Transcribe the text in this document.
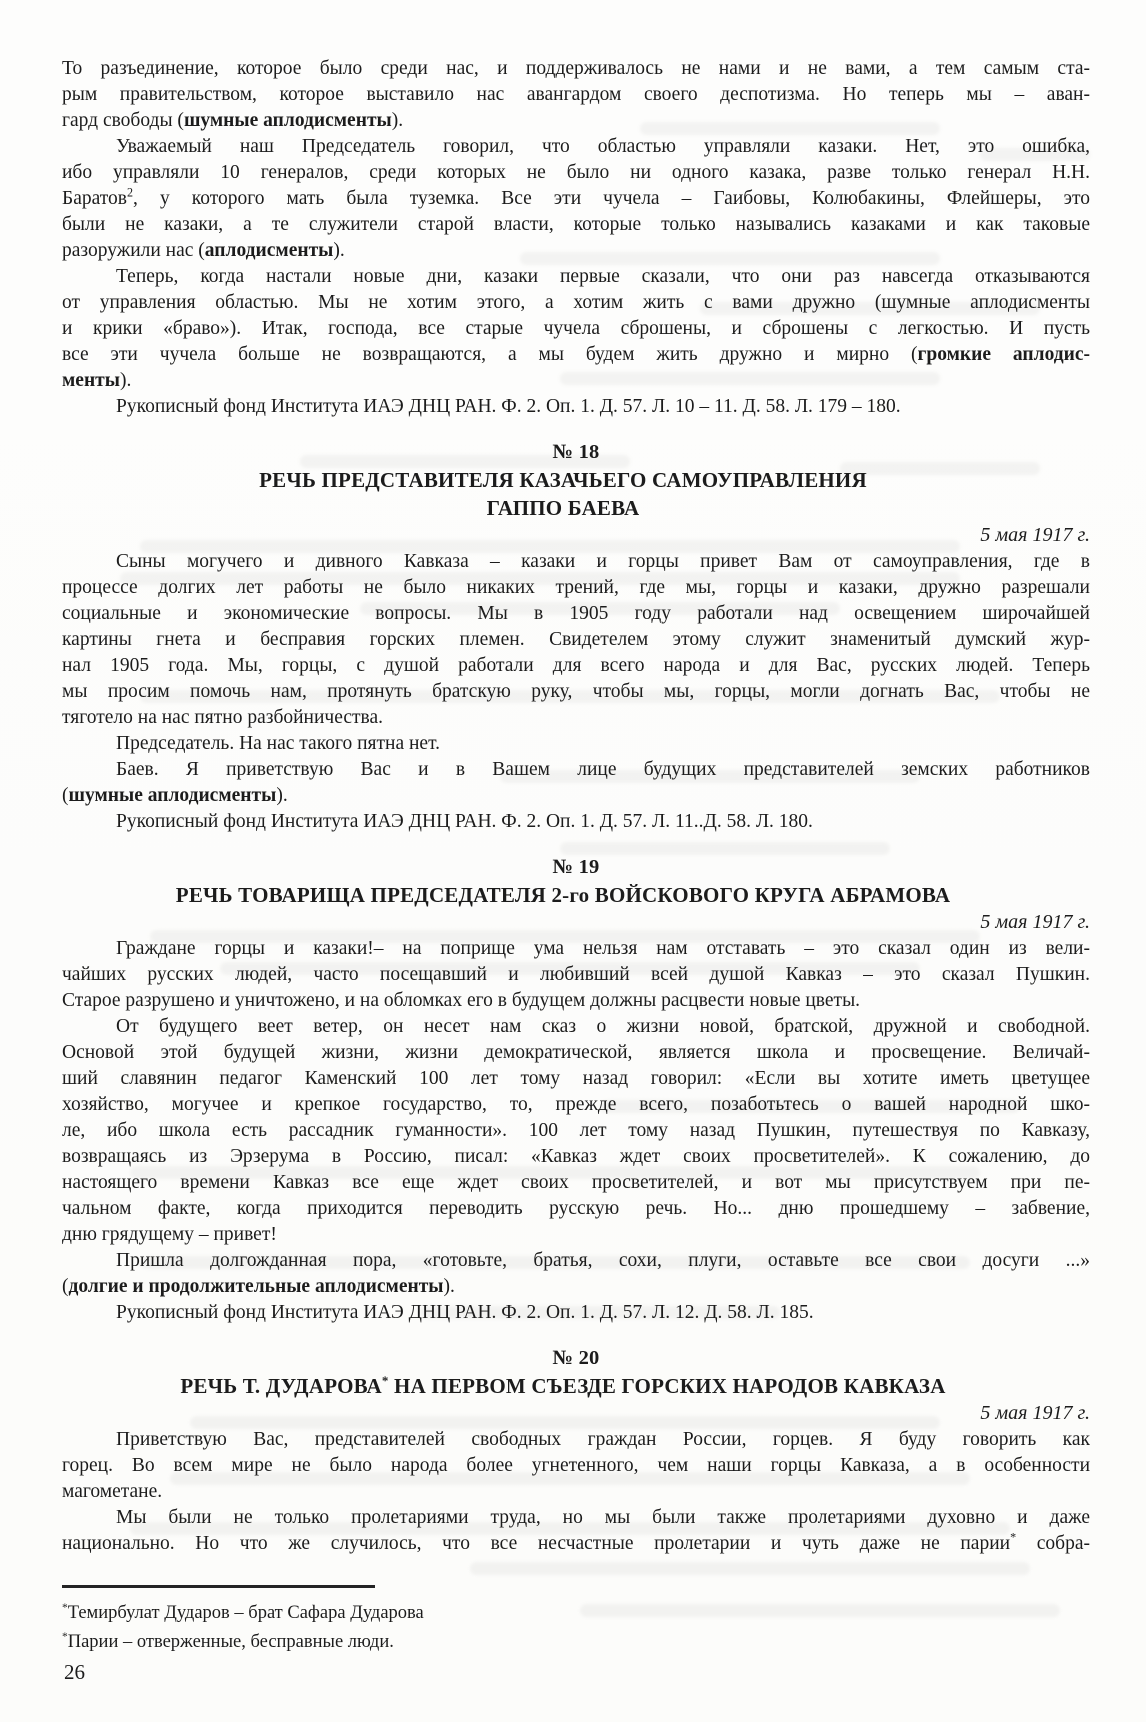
То разъединение, которое было среди нас, и поддерживалось не нами и не вами, а тем самым ста-
рым правительством, которое выставило нас авангардом своего деспотизма. Но теперь мы – аван-
гард свободы (шумные аплодисменты).
Уважаемый наш Председатель говорил, что областью управляли казаки. Нет, это ошибка,
ибо управляли 10 генералов, среди которых не было ни одного казака, разве только генерал Н.Н.
Баратов$^2$, у которого мать была туземка. Все эти чучела – Гаибовы, Колюбакины, Флейшеры, это
были не казаки, а те служители старой власти, которые только назывались казаками и как таковые
разоружили нас (аплодисменты).
Теперь, когда настали новые дни, казаки первые сказали, что они раз навсегда отказываются
от управления областью. Мы не хотим этого, а хотим жить с вами дружно (шумные аплодисменты
и крики «браво»). Итак, господа, все старые чучела сброшены, и сброшены с легкостью. И пусть
все эти чучела больше не возвращаются, а мы будем жить дружно и мирно (громкие аплодис-
менты).
Рукописный фонд Института ИАЭ ДНЦ РАН. Ф. 2. Оп. 1. Д. 57. Л. 10 – 11. Д. 58. Л. 179 – 180.
№ 18
РЕЧЬ ПРЕДСТАВИТЕЛЯ КАЗАЧЬЕГО САМОУПРАВЛЕНИЯ
ГАППО БАЕВА
5 мая 1917 г.
Сыны могучего и дивного Кавказа – казаки и горцы привет Вам от самоуправления, где в
процессе долгих лет работы не было никаких трений, где мы, горцы и казаки, дружно разрешали
социальные и экономические вопросы. Мы в 1905 году работали над освещением широчайшей
картины гнета и бесправия горских племен. Свидетелем этому служит знаменитый думский жур-
нал 1905 года. Мы, горцы, с душой работали для всего народа и для Вас, русских людей. Теперь
мы просим помочь нам, протянуть братскую руку, чтобы мы, горцы, могли догнать Вас, чтобы не
тяготело на нас пятно разбойничества.
Председатель. На нас такого пятна нет.
Баев. Я приветствую Вас и в Вашем лице будущих представителей земских работников
(шумные аплодисменты).
Рукописный фонд Института ИАЭ ДНЦ РАН. Ф. 2. Оп. 1. Д. 57. Л. 11..Д. 58. Л. 180.
№ 19
РЕЧЬ ТОВАРИЩА ПРЕДСЕДАТЕЛЯ 2-го ВОЙСКОВОГО КРУГА АБРАМОВА
5 мая 1917 г.
Граждане горцы и казаки!– на поприще ума нельзя нам отставать – это сказал один из вели-
чайших русских людей, часто посещавший и любивший всей душой Кавказ – это сказал Пушкин.
Старое разрушено и уничтожено, и на обломках его в будущем должны расцвести новые цветы.
От будущего веет ветер, он несет нам сказ о жизни новой, братской, дружной и свободной.
Основой этой будущей жизни, жизни демократической, является школа и просвещение. Величай-
ший славянин педагог Каменский 100 лет тому назад говорил: «Если вы хотите иметь цветущее
хозяйство, могучее и крепкое государство, то, прежде всего, позаботьтесь о вашей народной шко-
ле, ибо школа есть рассадник гуманности». 100 лет тому назад Пушкин, путешествуя по Кавказу,
возвращаясь из Эрзерума в Россию, писал: «Кавказ ждет своих просветителей». К сожалению, до
настоящего времени Кавказ все еще ждет своих просветителей, и вот мы присутствуем при пе-
чальном факте, когда приходится переводить русскую речь. Но... дню прошедшему – забвение,
дню грядущему – привет!
Пришла долгожданная пора, «готовьте, братья, сохи, плуги, оставьте все свои досуги ...»
(долгие и продолжительные аплодисменты).
Рукописный фонд Института ИАЭ ДНЦ РАН. Ф. 2. Оп. 1. Д. 57. Л. 12. Д. 58. Л. 185.
№ 20
РЕЧЬ Т. ДУДАРОВА* НА ПЕРВОМ СЪЕЗДЕ ГОРСКИХ НАРОДОВ КАВКАЗА
5 мая 1917 г.
Приветствую Вас, представителей свободных граждан России, горцев. Я буду говорить как
горец. Во всем мире не было народа более угнетенного, чем наши горцы Кавказа, а в особенности
магометане.
Мы были не только пролетариями труда, но мы были также пролетариями духовно и даже
национально. Но что же случилось, что все несчастные пролетарии и чуть даже не парии* собра-
*Темирбулат Дударов – брат Сафара Дударова
*Парии – отверженные, бесправные люди.
26
